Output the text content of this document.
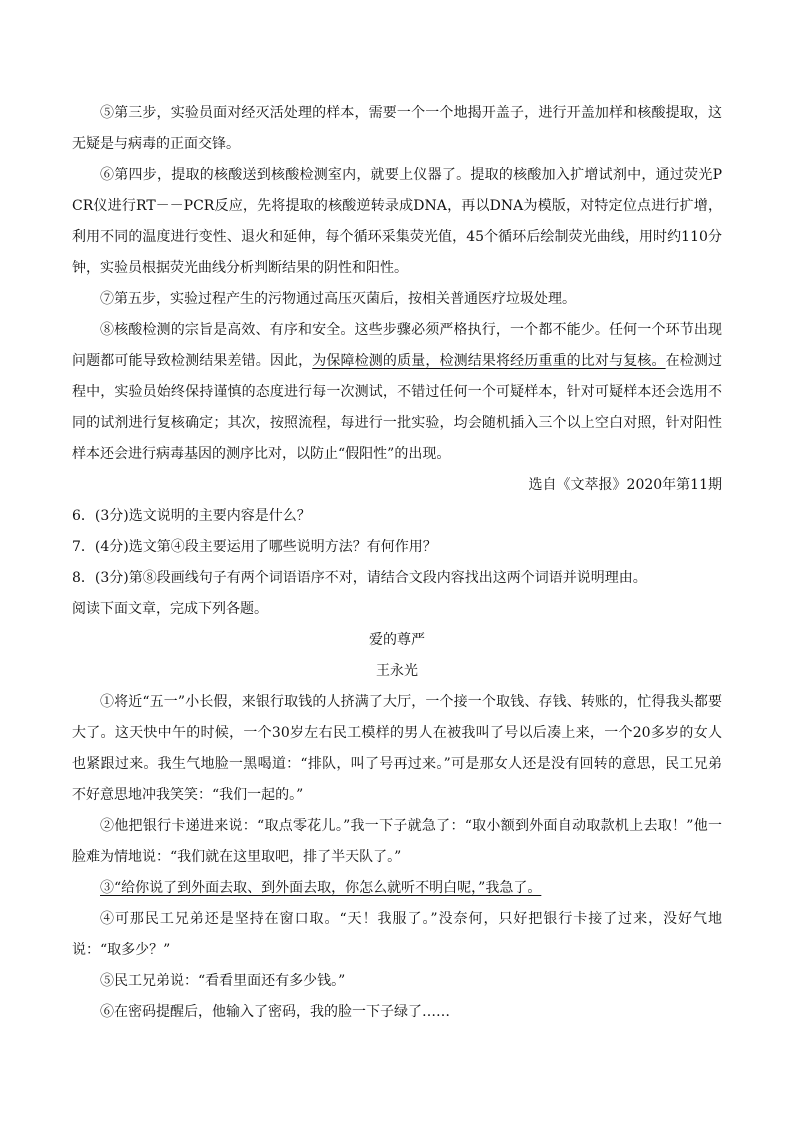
⑤第三步，实验员面对经灭活处理的样本，需要一个一个地揭开盖子，进行开盖加样和核酸提取，这无疑是与病毒的正面交锋。

⑥第四步，提取的核酸送到核酸检测室内，就要上仪器了。提取的核酸加入扩增试剂中，通过荧光PCR仪进行RT－－PCR反应，先将提取的核酸逆转录成DNA，再以DNA为模版，对特定位点进行扩增，利用不同的温度进行变性、退火和延伸，每个循环采集荧光值，45个循环后绘制荧光曲线，用时约110分钟，实验员根据荧光曲线分析判断结果的阴性和阳性。

⑦第五步，实验过程产生的污物通过高压灭菌后，按相关普通医疗垃圾处理。

⑧核酸检测的宗旨是高效、有序和安全。这些步骤必须严格执行，一个都不能少。任何一个环节出现问题都可能导致检测结果差错。因此，为保障检测的质量，检测结果将经历重重的比对与复核。在检测过程中，实验员始终保持谨慎的态度进行每一次测试，不错过任何一个可疑样本，针对可疑样本还会选用不同的试剂进行复核确定；其次，按照流程，每进行一批实验，均会随机插入三个以上空白对照，针对阳性样本还会进行病毒基因的测序比对，以防止“假阳性”的出现。

选自《文萃报》2020年第11期

6．(3分)选文说明的主要内容是什么？

7．(4分)选文第④段主要运用了哪些说明方法？有何作用？

8．(3分)第⑧段画线句子有两个词语语序不对，请结合文段内容找出这两个词语并说明理由。

阅读下面文章，完成下列各题。

爱的尊严

王永光

①将近“五一”小长假，来银行取钱的人挤满了大厅，一个接一个取钱、存钱、转账的，忙得我头都要大了。这天快中午的时候，一个30岁左右民工模样的男人在被我叫了号以后凑上来，一个20多岁的女人也紧跟过来。我生气地脸一黑喝道：“排队，叫了号再过来。”可是那女人还是没有回转的意思，民工兄弟不好意思地冲我笑笑：“我们一起的。”

②他把银行卡递进来说：“取点零花儿。”我一下子就急了：“取小额到外面自动取款机上去取！”他一脸难为情地说：“我们就在这里取吧，排了半天队了。”

③“给你说了到外面去取、到外面去取，你怎么就听不明白呢，”我急了。

④可那民工兄弟还是坚持在窗口取。“天！我服了。”没奈何，只好把银行卡接了过来，没好气地说：“取多少？”

⑤民工兄弟说：“看看里面还有多少钱。”

⑥在密码提醒后，他输入了密码，我的脸一下子绿了……
